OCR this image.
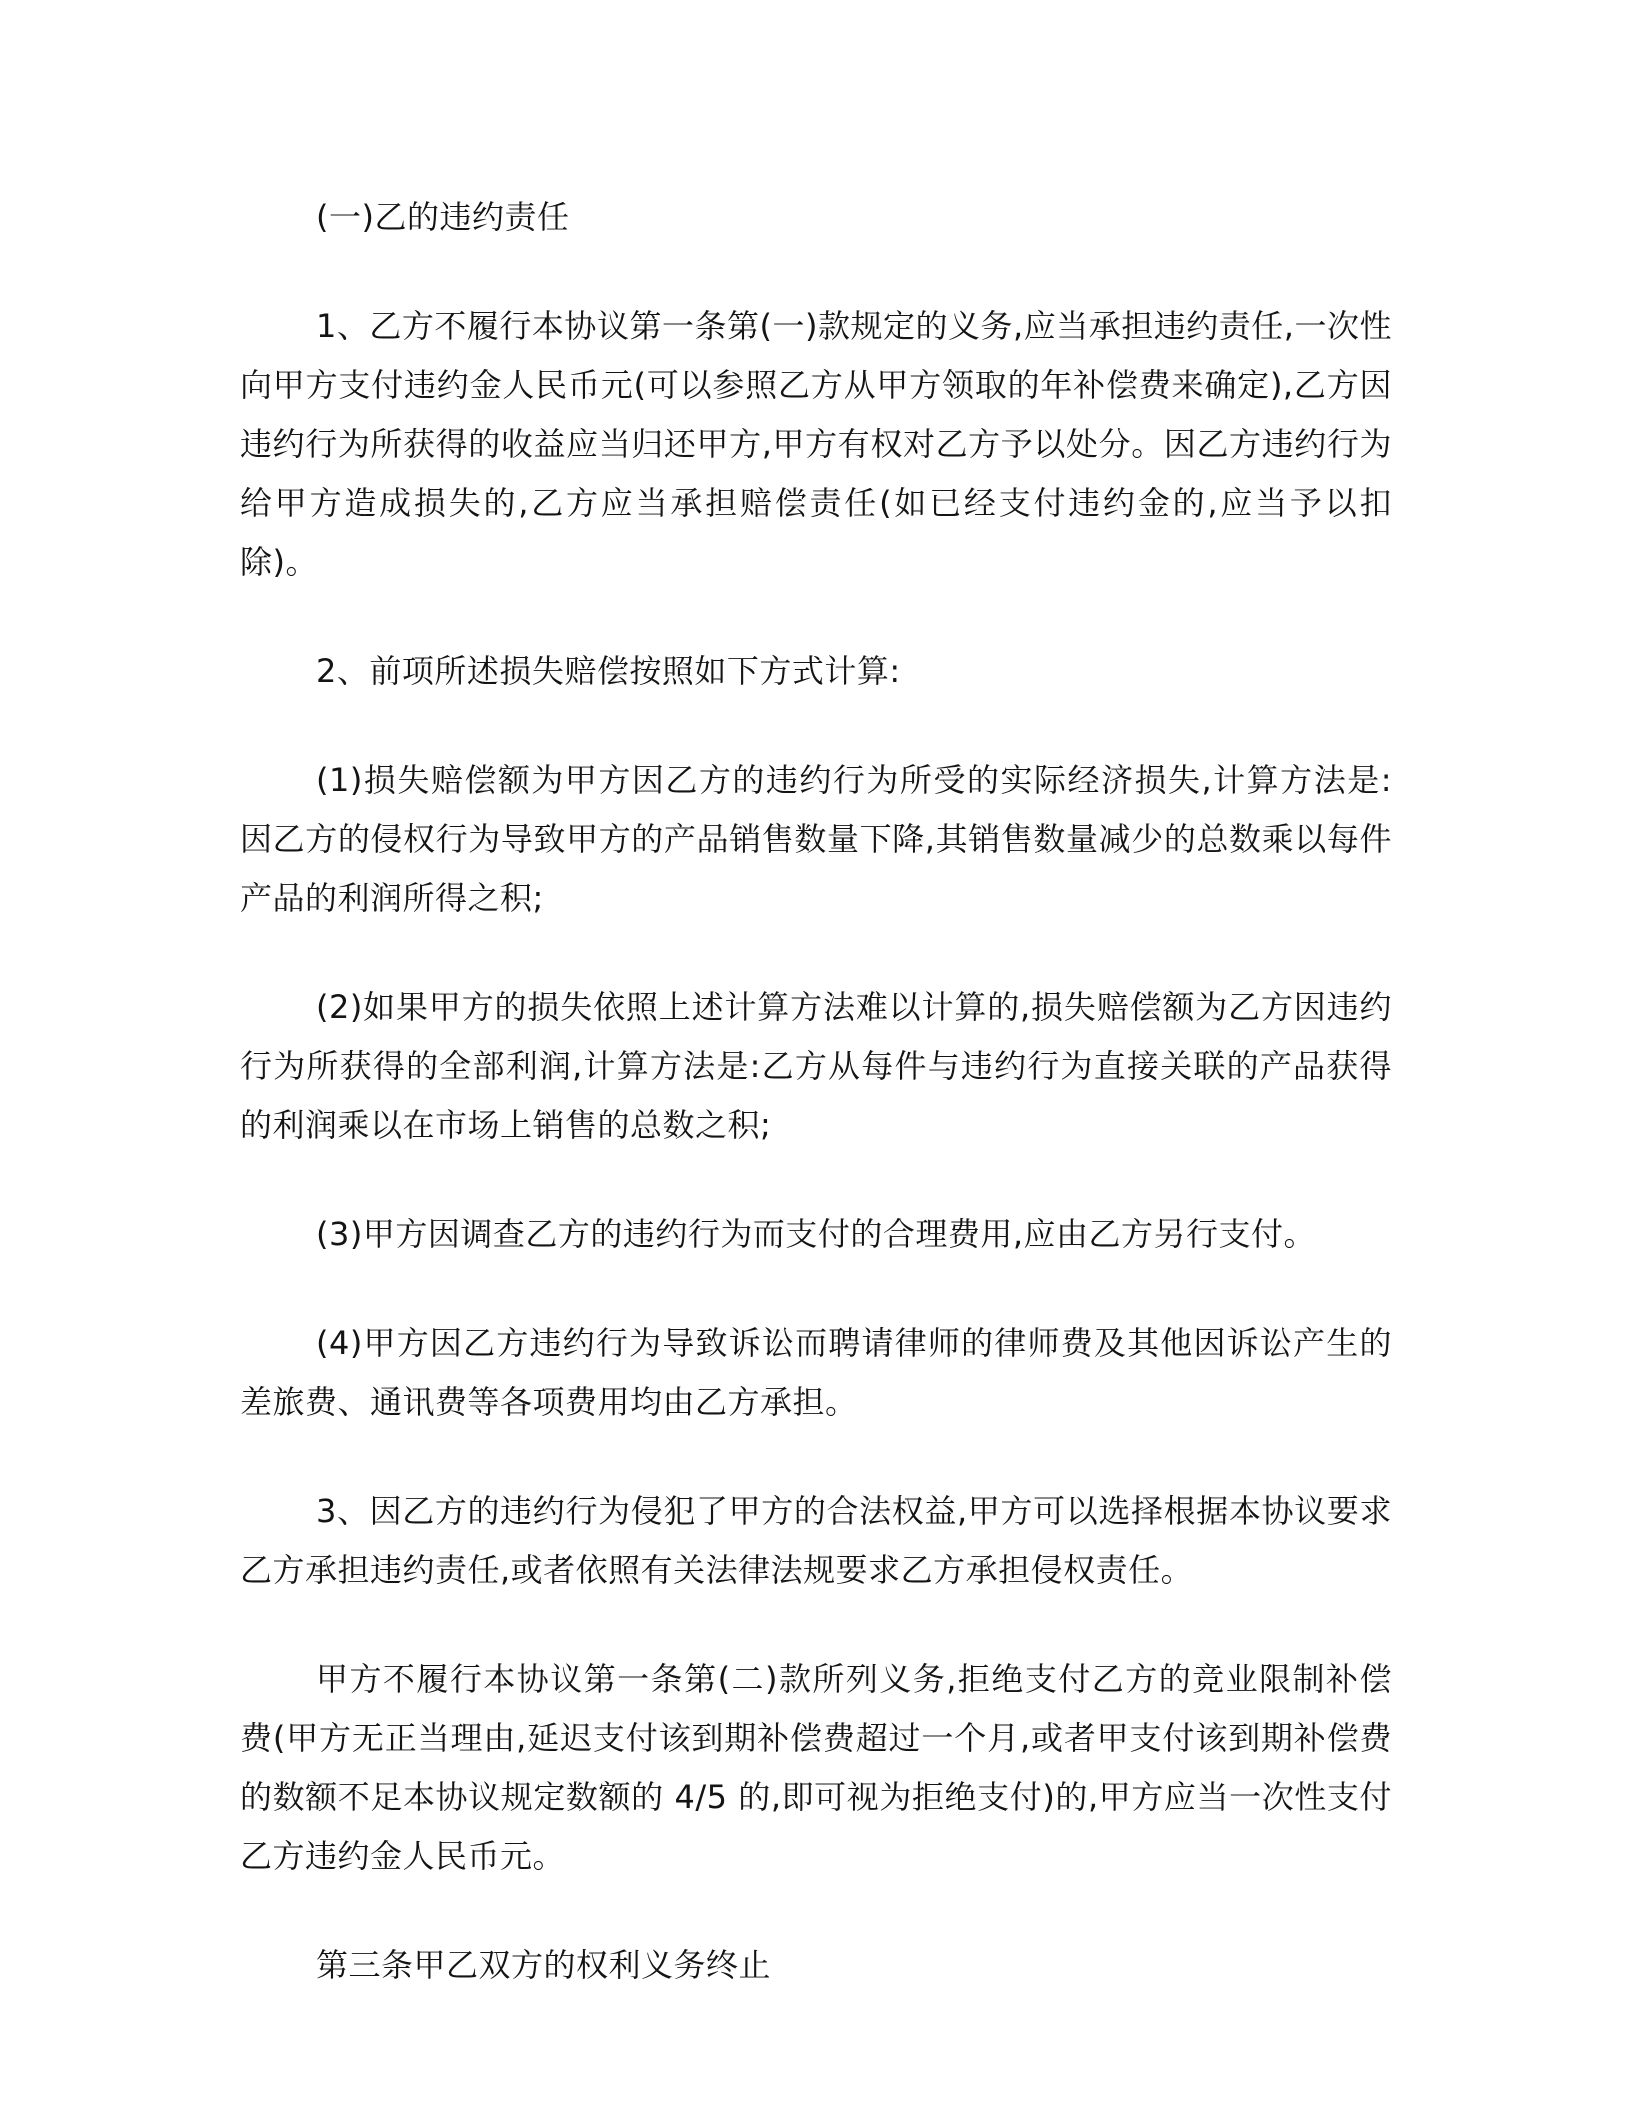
(一)乙的违约责任

1、乙方不履行本协议第一条第(一)款规定的义务,应当承担违约责任,一次性向甲方支付违约金人民币元(可以参照乙方从甲方领取的年补偿费来确定),乙方因违约行为所获得的收益应当归还甲方,甲方有权对乙方予以处分。因乙方违约行为给甲方造成损失的,乙方应当承担赔偿责任(如已经支付违约金的,应当予以扣除)。

2、前项所述损失赔偿按照如下方式计算:

(1)损失赔偿额为甲方因乙方的违约行为所受的实际经济损失,计算方法是:因乙方的侵权行为导致甲方的产品销售数量下降,其销售数量减少的总数乘以每件产品的利润所得之积;

(2)如果甲方的损失依照上述计算方法难以计算的,损失赔偿额为乙方因违约行为所获得的全部利润,计算方法是:乙方从每件与违约行为直接关联的产品获得的利润乘以在市场上销售的总数之积;

(3)甲方因调查乙方的违约行为而支付的合理费用,应由乙方另行支付。

(4)甲方因乙方违约行为导致诉讼而聘请律师的律师费及其他因诉讼产生的差旅费、通讯费等各项费用均由乙方承担。

3、因乙方的违约行为侵犯了甲方的合法权益,甲方可以选择根据本协议要求乙方承担违约责任,或者依照有关法律法规要求乙方承担侵权责任。

甲方不履行本协议第一条第(二)款所列义务,拒绝支付乙方的竞业限制补偿费(甲方无正当理由,延迟支付该到期补偿费超过一个月,或者甲支付该到期补偿费的数额不足本协议规定数额的 4/5 的,即可视为拒绝支付)的,甲方应当一次性支付乙方违约金人民币元。

第三条甲乙双方的权利义务终止
